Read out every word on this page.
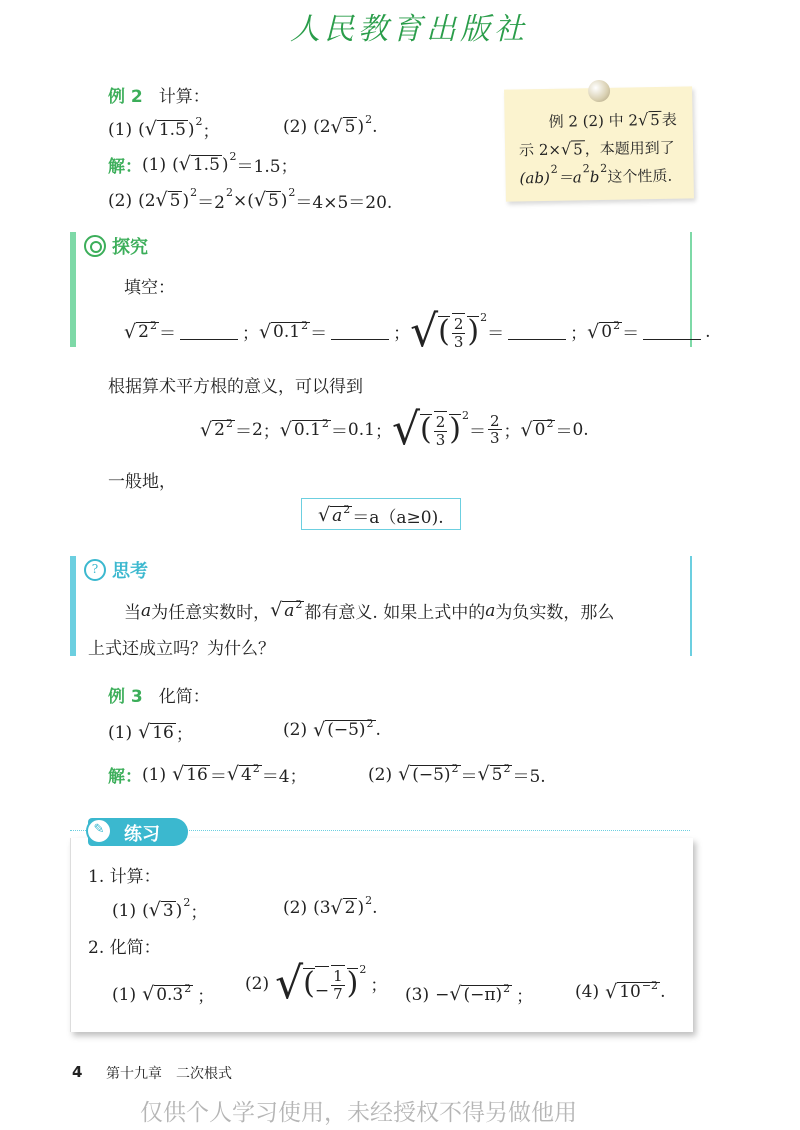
人民教育出版社
例 2 计算：
(1) ( √ 1.5 ) 2
；	(2) (2 √ 5 ) 2 .
解： (1) ( √ 1.5 ) 2
＝1.5；
(2) (2 √ 5 ) 2
＝2
2 ×( √ 5 ) 2
＝4×5＝20.
例 2 (2) 中 2 √ 5 表
示 2× √ 5 ，本题用到了
(ab) 2 ＝a 2 b 2 这个性质.
探究
填空：
√ $2^2$ ＝	； √ $0.1^2$ ＝	； √ ( $\frac{2}{3}$ ) 2
＝	； √ $0^2$ ＝	.
根据算术平方根的意义，可以得到
√ $2^2 = 2$ ； √ $0.1^2 = 0.1$ ； √ ( $\frac{2}{3}$ ) 2
＝ $\frac{2}{3}$ ； √ $0^2 = 0$.
一般地，
√ $a^2 =a(a\ge 0)$.
? 思考
当 a 为任意实数时， √ $a^2$ 都有意义. 如果上式中的 a 为负实数，那么
上式还成立吗？为什么？
例 3 化简：
(1) √ 16 ；	(2) √ $(-5)^2$ .
解： (1) √ 16 ＝ √ $4^2 =4$；	(2) √ $(-5)^2$ ＝ √ $5^2 =5$.
✎	练习
1. 计算：
(1) ( √ 3 ) 2
；	(2) (3 √ 2 ) 2 .
2. 化简：
(1) √ $0.3^2$ ；
(2) √ ( − $\frac{1}{7}$ ) 2
； (3) − √ $(-\pi)^2$ ； (4) √ $10^{-2}$ .
4 第十九章　二次根式
仅供个人学习使用，未经授权不得另做他用
